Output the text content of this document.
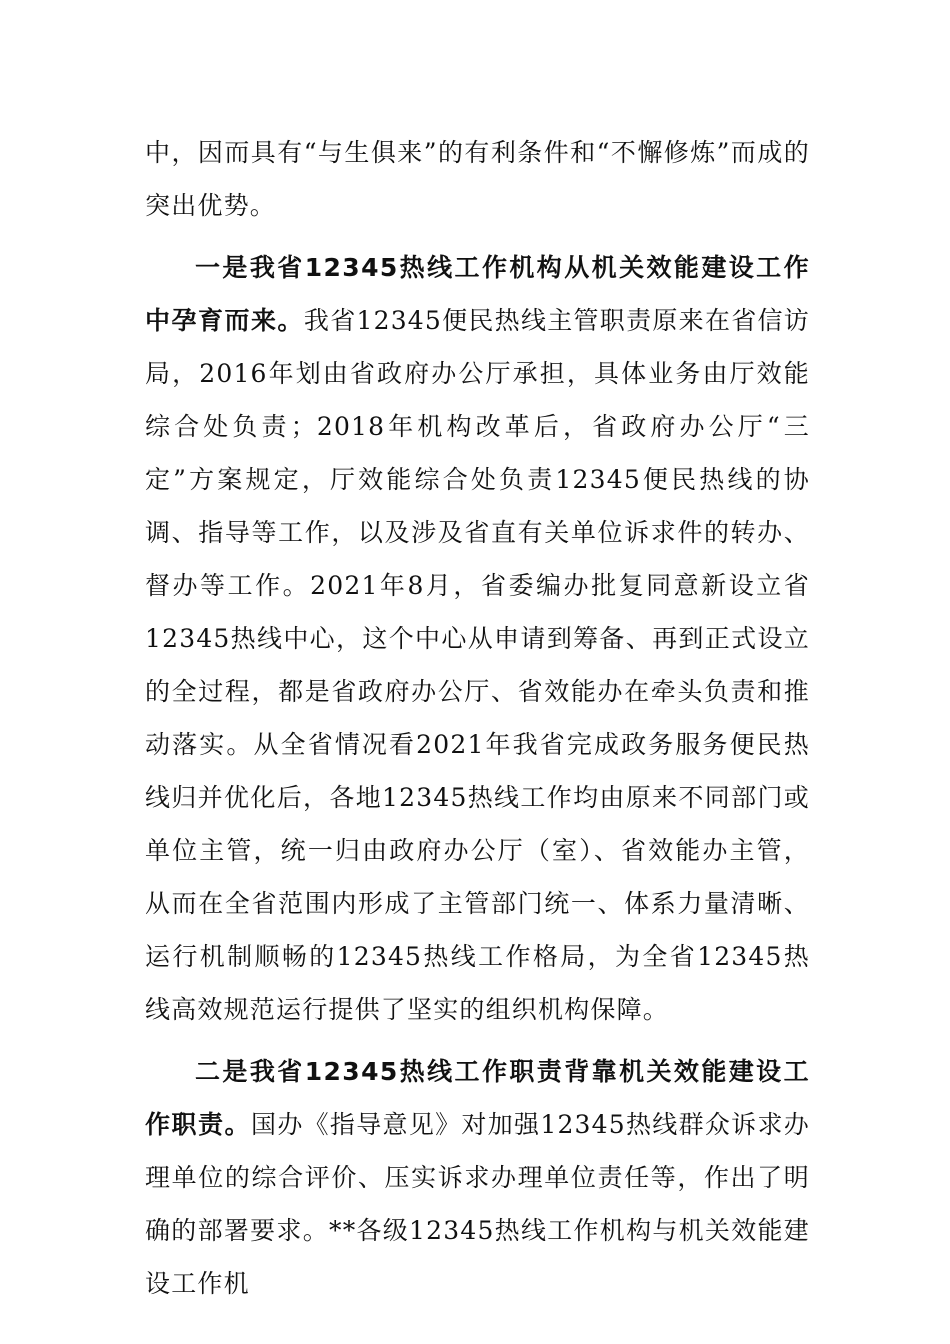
中，因而具有“与生俱来”的有利条件和“不懈修炼”而成的突出优势。

一是我省12345热线工作机构从机关效能建设工作中孕育而来。我省12345便民热线主管职责原来在省信访局，2016年划由省政府办公厅承担，具体业务由厅效能综合处负责；2018年机构改革后，省政府办公厅“三定”方案规定，厅效能综合处负责12345便民热线的协调、指导等工作，以及涉及省直有关单位诉求件的转办、督办等工作。2021年8月，省委编办批复同意新设立省12345热线中心，这个中心从申请到筹备、再到正式设立的全过程，都是省政府办公厅、省效能办在牵头负责和推动落实。从全省情况看2021年我省完成政务服务便民热线归并优化后，各地12345热线工作均由原来不同部门或单位主管，统一归由政府办公厅（室）、省效能办主管，从而在全省范围内形成了主管部门统一、体系力量清晰、运行机制顺畅的12345热线工作格局，为全省12345热线高效规范运行提供了坚实的组织机构保障。

二是我省12345热线工作职责背靠机关效能建设工作职责。国办《指导意见》对加强12345热线群众诉求办理单位的综合评价、压实诉求办理单位责任等，作出了明确的部署要求。**各级12345热线工作机构与机关效能建设工作机
